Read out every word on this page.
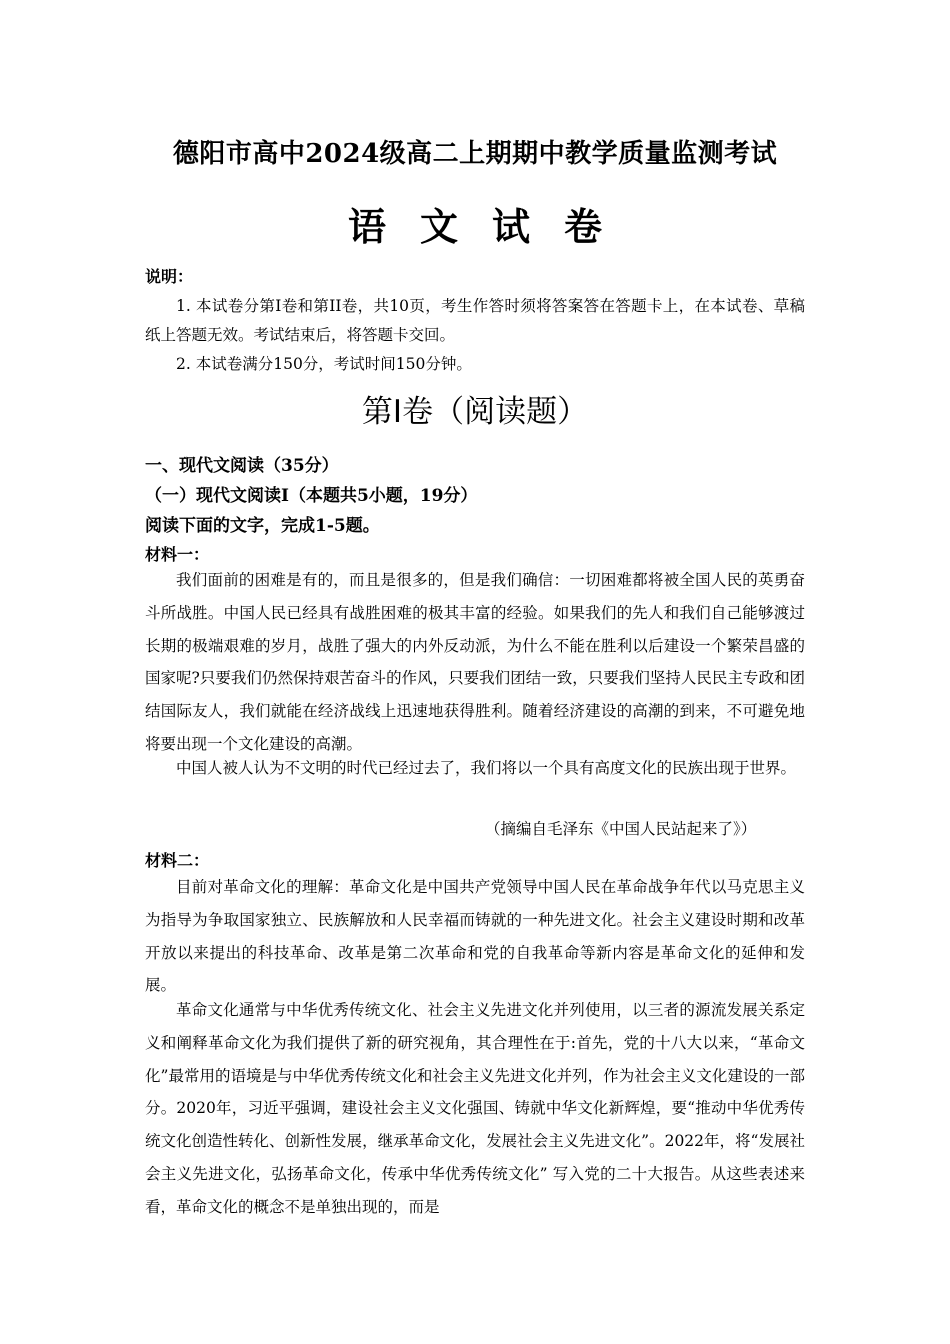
德阳市高中2024级高二上期期中教学质量监测考试
语 文 试 卷
说明：

1. 本试卷分第I卷和第II卷，共10页，考生作答时须将答案答在答题卡上，在本试卷、草稿纸上答题无效。考试结束后，将答题卡交回。

2. 本试卷满分150分，考试时间150分钟。

第I卷（阅读题）
一、现代文阅读（35分）
（一）现代文阅读I（本题共5小题，19分）
阅读下面的文字，完成1-5题。
材料一：

我们面前的困难是有的，而且是很多的，但是我们确信：一切困难都将被全国人民的英勇奋斗所战胜。中国人民已经具有战胜困难的极其丰富的经验。如果我们的先人和我们自己能够渡过长期的极端艰难的岁月，战胜了强大的内外反动派，为什么不能在胜利以后建设一个繁荣昌盛的国家呢?只要我们仍然保持艰苦奋斗的作风，只要我们团结一致，只要我们坚持人民民主专政和团结国际友人，我们就能在经济战线上迅速地获得胜利。随着经济建设的高潮的到来，不可避免地将要出现一个文化建设的高潮。

中国人被人认为不文明的时代已经过去了，我们将以一个具有高度文化的民族出现于世界。

（摘编自毛泽东《中国人民站起来了》）
材料二：

目前对革命文化的理解：革命文化是中国共产党领导中国人民在革命战争年代以马克思主义为指导为争取国家独立、民族解放和人民幸福而铸就的一种先进文化。社会主义建设时期和改革开放以来提出的科技革命、改革是第二次革命和党的自我革命等新内容是革命文化的延伸和发展。

革命文化通常与中华优秀传统文化、社会主义先进文化并列使用，以三者的源流发展关系定义和阐释革命文化为我们提供了新的研究视角，其合理性在于:首先，党的十八大以来，“革命文化”最常用的语境是与中华优秀传统文化和社会主义先进文化并列，作为社会主义文化建设的一部分。2020年，习近平强调，建设社会主义文化强国、铸就中华文化新辉煌，要“推动中华优秀传统文化创造性转化、创新性发展，继承革命文化，发展社会主义先进文化”。2022年，将“发展社会主义先进文化，弘扬革命文化，传承中华优秀传统文化” 写入党的二十大报告。从这些表述来看，革命文化的概念不是单独出现的，而是
